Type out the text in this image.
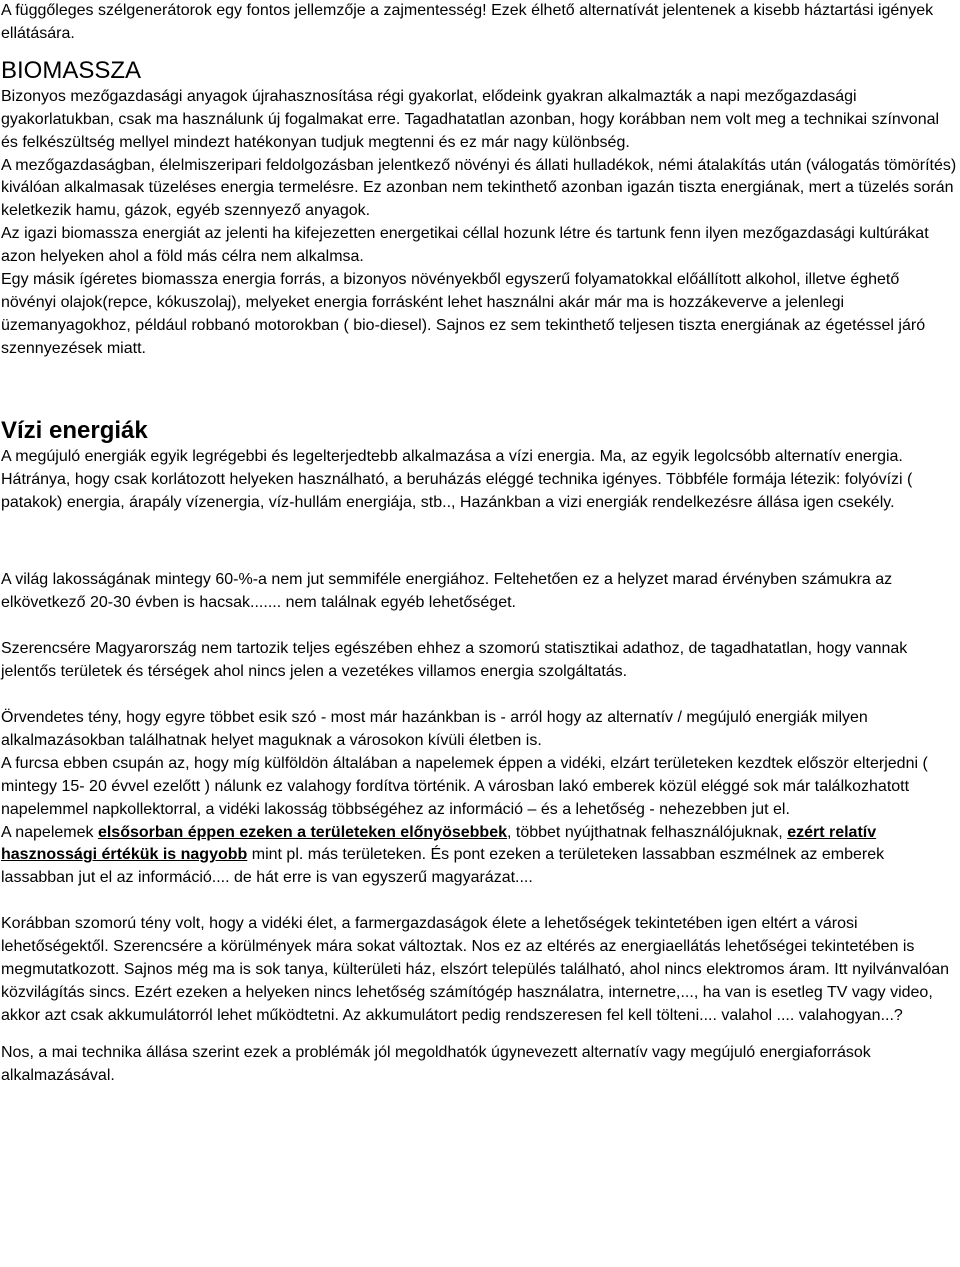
A függőleges szélgenerátorok egy fontos jellemzője a zajmentesség! Ezek élhető alternatívát jelentenek a kisebb háztartási igények ellátására.

BIOMASSZA

Bizonyos mezőgazdasági anyagok újrahasznosítása régi gyakorlat, elődeink gyakran alkalmazták a napi mezőgazdasági gyakorlatukban, csak ma használunk új fogalmakat erre. Tagadhatatlan azonban, hogy korábban nem volt meg a technikai színvonal és felkészültség mellyel mindezt hatékonyan tudjuk megtenni és ez már nagy különbség.

A mezőgazdaságban, élelmiszeripari feldolgozásban jelentkező növényi és állati hulladékok, némi átalakítás után (válogatás tömörítés) kiválóan alkalmasak tüzeléses energia termelésre. Ez azonban nem tekinthető azonban igazán tiszta energiának, mert a tüzelés során keletkezik hamu, gázok, egyéb szennyező anyagok.

Az igazi biomassza energiát az jelenti ha kifejezetten energetikai céllal hozunk létre és tartunk fenn ilyen mezőgazdasági kultúrákat azon helyeken ahol a föld más célra nem alkalmsa.

Egy másik ígéretes biomassza energia forrás, a bizonyos növényekből egyszerű folyamatokkal előállított alkohol, illetve éghető növényi olajok(repce, kókuszolaj), melyeket energia forrásként lehet használni akár már ma is hozzákeverve a jelenlegi üzemanyagokhoz, például robbanó motorokban ( bio-diesel). Sajnos ez sem tekinthető teljesen tiszta energiának az égetéssel járó szennyezések miatt.

Vízi energiák

A megújuló energiák egyik legrégebbi és legelterjedtebb alkalmazása a vízi energia. Ma, az egyik legolcsóbb alternatív energia. Hátránya, hogy csak korlátozott helyeken használható, a beruházás eléggé technika igényes. Többféle formája létezik: folyóvízi ( patakok) energia, árapály vízenergia, víz-hullám energiája, stb.., Hazánkban a vizi energiák rendelkezésre állása igen csekély.

A világ lakosságának mintegy 60-%-a nem jut semmiféle energiához. Feltehetően ez a helyzet marad érvényben számukra az elkövetkező 20-30 évben is hacsak....... nem találnak egyéb lehetőséget.

Szerencsére Magyarország nem tartozik teljes egészében ehhez a szomorú statisztikai adathoz, de tagadhatatlan, hogy vannak jelentős területek és térségek ahol nincs jelen a vezetékes villamos energia szolgáltatás.

Örvendetes tény, hogy egyre többet esik szó - most már hazánkban is - arról hogy az alternatív / megújuló energiák milyen alkalmazásokban találhatnak helyet maguknak a városokon kívüli életben is.

A furcsa ebben csupán az, hogy míg külföldön általában a napelemek éppen a vidéki, elzárt területeken kezdtek először elterjedni ( mintegy 15- 20 évvel ezelőtt ) nálunk ez valahogy fordítva történik. A városban lakó emberek közül eléggé sok már találkozhatott napelemmel napkollektorral, a vidéki lakosság többségéhez az információ – és a lehetőség - nehezebben jut el.

A napelemek elsősorban éppen ezeken a területeken előnyösebbek, többet nyújthatnak felhasználójuknak, ezért relatív hasznossági értékük is nagyobb mint pl. más területeken. És pont ezeken a területeken lassabban eszmélnek az emberek lassabban jut el az információ.... de hát erre is van egyszerű magyarázat....

Korábban szomorú tény volt, hogy a vidéki élet, a farmergazdaságok élete a lehetőségek tekintetében igen eltért a városi lehetőségektől. Szerencsére a körülmények mára sokat változtak. Nos ez az eltérés az energiaellátás lehetőségei tekintetében is megmutatkozott. Sajnos még ma is sok tanya, külterületi ház, elszórt település található, ahol nincs elektromos áram. Itt nyilvánvalóan közvilágítás sincs. Ezért ezeken a helyeken nincs lehetőség számítógép használatra, internetre,..., ha van is esetleg TV vagy video, akkor azt csak akkumulátorról lehet működtetni. Az akkumulátort pedig rendszeresen fel kell tölteni.... valahol .... valahogyan...?

Nos, a mai technika állása szerint ezek a problémák jól megoldhatók úgynevezett alternatív vagy megújuló energiaforrások alkalmazásával.
